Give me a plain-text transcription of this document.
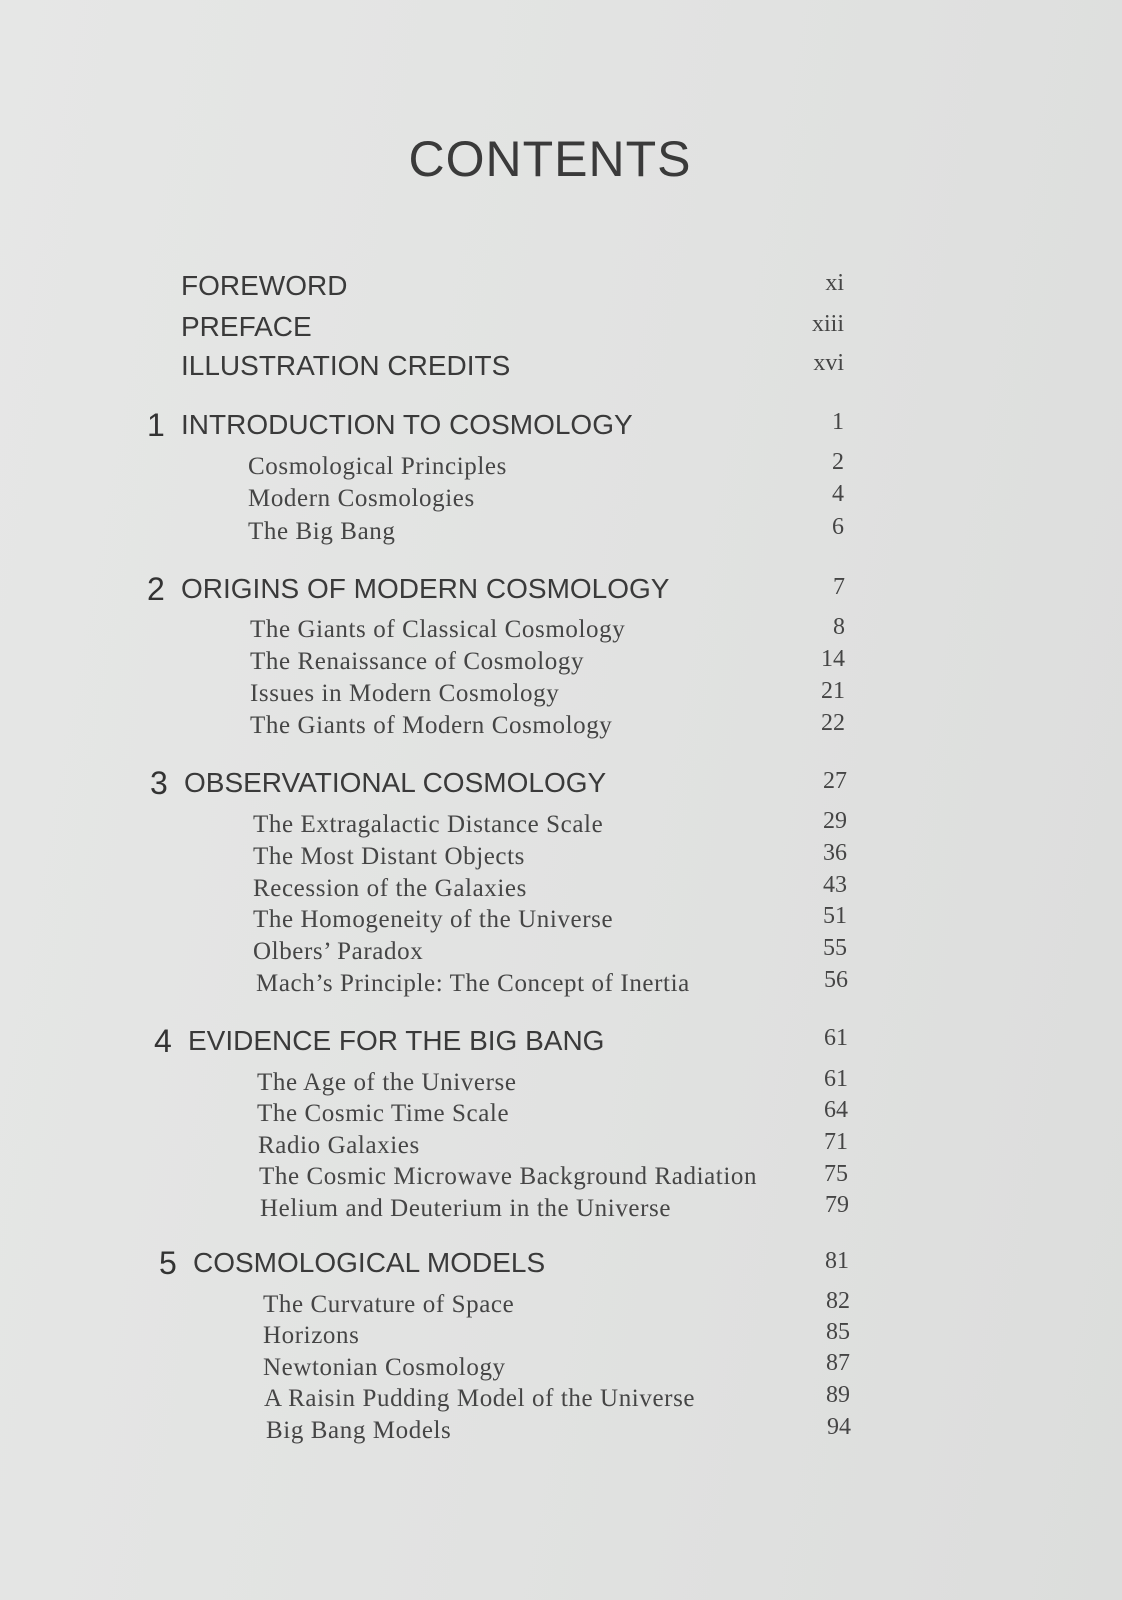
CONTENTS
FOREWORD	xi
PREFACE	xiii
ILLUSTRATION CREDITS	xvi
1 INTRODUCTION TO COSMOLOGY	1
Cosmological Principles	2
Modern Cosmologies	4
The Big Bang	6
2 ORIGINS OF MODERN COSMOLOGY	7
The Giants of Classical Cosmology	8
The Renaissance of Cosmology	14
Issues in Modern Cosmology	21
The Giants of Modern Cosmology	22
3 OBSERVATIONAL COSMOLOGY	27
The Extragalactic Distance Scale	29
The Most Distant Objects	36
Recession of the Galaxies	43
The Homogeneity of the Universe	51
Olbers’ Paradox	55
Mach’s Principle: The Concept of Inertia	56
4 EVIDENCE FOR THE BIG BANG	61
The Age of the Universe	61
The Cosmic Time Scale	64
Radio Galaxies	71
The Cosmic Microwave Background Radiation	75
Helium and Deuterium in the Universe	79
5 COSMOLOGICAL MODELS	81
The Curvature of Space	82
Horizons	85
Newtonian Cosmology	87
A Raisin Pudding Model of the Universe	89
Big Bang Models	94
